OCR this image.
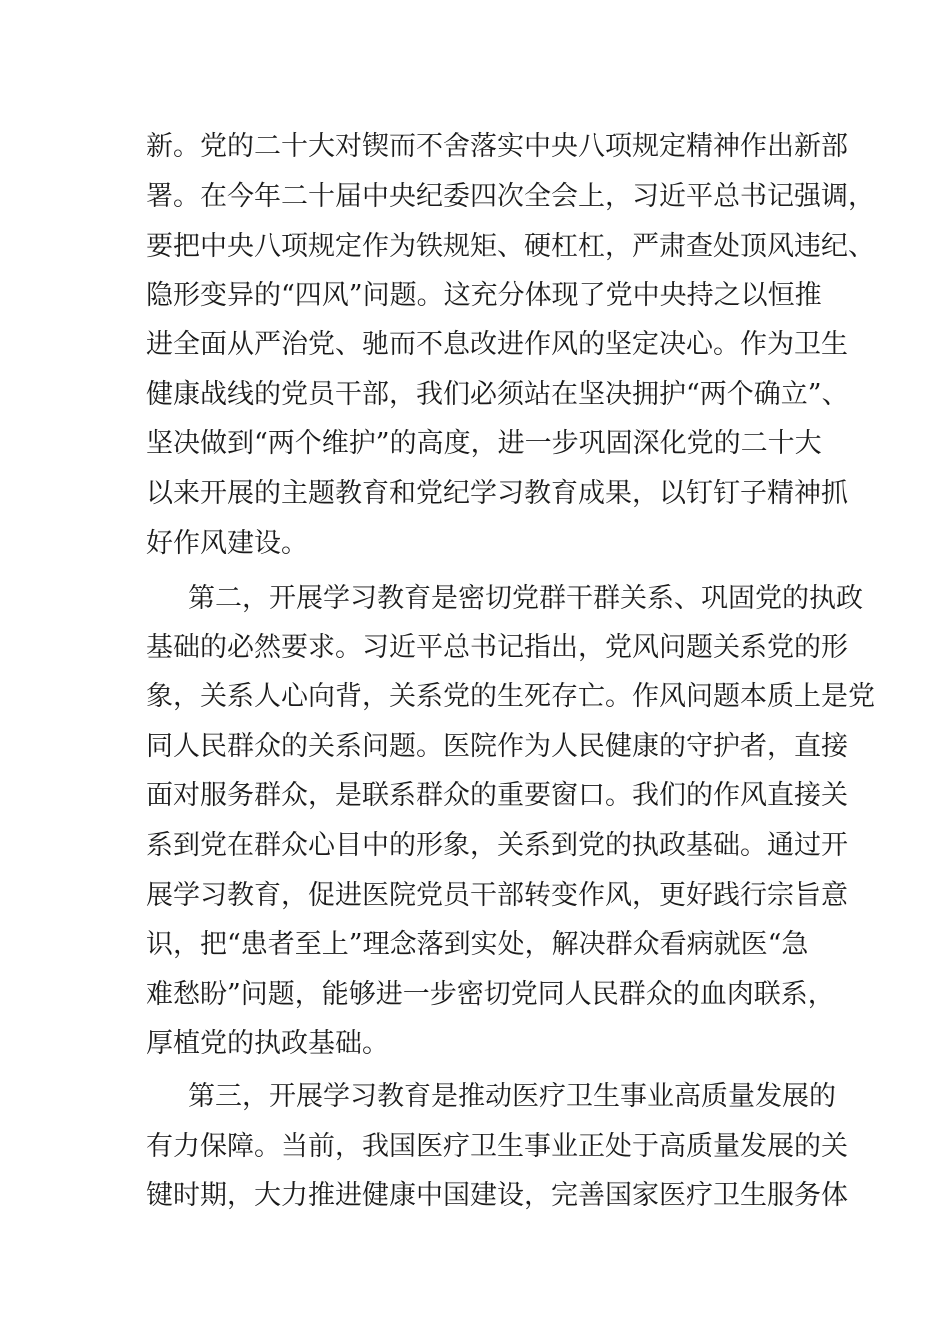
新。党的二十大对锲而不舍落实中央八项规定精神作出新部
署。在今年二十届中央纪委四次全会上，习近平总书记强调，
要把中央八项规定作为铁规矩、硬杠杠，严肃查处顶风违纪、
隐形变异的“四风”问题。这充分体现了党中央持之以恒推
进全面从严治党、驰而不息改进作风的坚定决心。作为卫生
健康战线的党员干部，我们必须站在坚决拥护“两个确立”、
坚决做到“两个维护”的高度，进一步巩固深化党的二十大
以来开展的主题教育和党纪学习教育成果，以钉钉子精神抓
好作风建设。
第二，开展学习教育是密切党群干群关系、巩固党的执政
基础的必然要求。习近平总书记指出，党风问题关系党的形
象，关系人心向背，关系党的生死存亡。作风问题本质上是党
同人民群众的关系问题。医院作为人民健康的守护者，直接
面对服务群众，是联系群众的重要窗口。我们的作风直接关
系到党在群众心目中的形象，关系到党的执政基础。通过开
展学习教育，促进医院党员干部转变作风，更好践行宗旨意
识，把“患者至上”理念落到实处，解决群众看病就医“急
难愁盼”问题，能够进一步密切党同人民群众的血肉联系，
厚植党的执政基础。
第三，开展学习教育是推动医疗卫生事业高质量发展的
有力保障。当前，我国医疗卫生事业正处于高质量发展的关
键时期，大力推进健康中国建设，完善国家医疗卫生服务体
